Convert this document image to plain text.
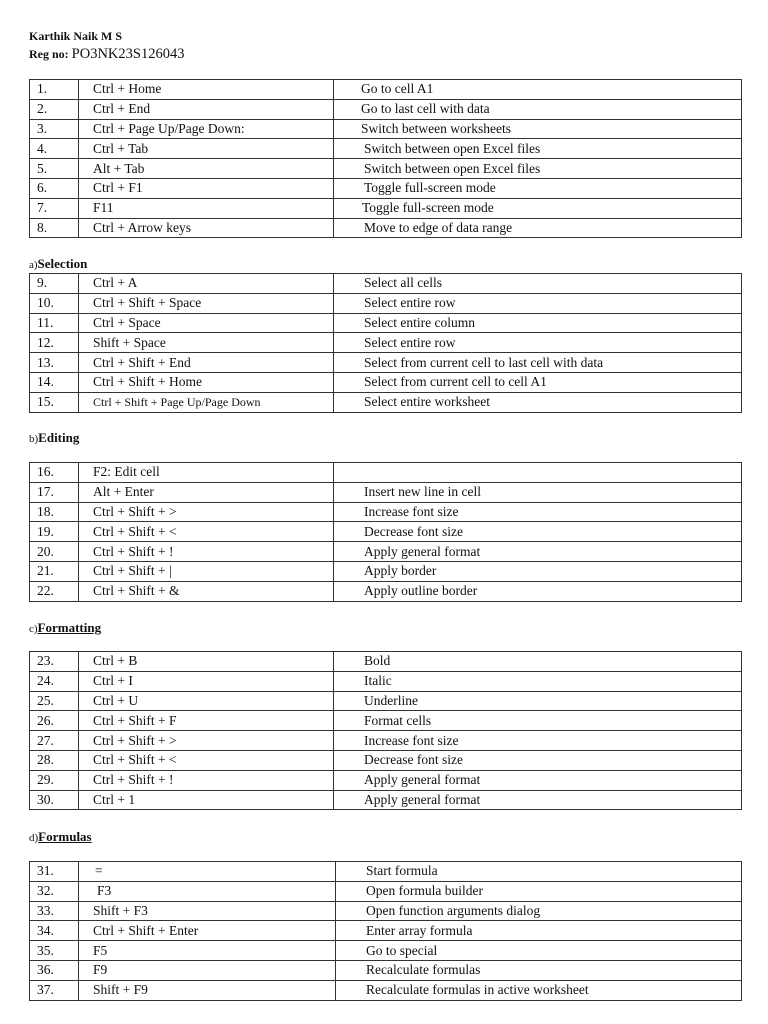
Karthik Naik M S
Reg no: PO3NK23S126043
1.	Ctrl + Home	Go to cell A1
2.	Ctrl + End	Go to last cell with data
3.	Ctrl + Page Up/Page Down:	Switch between worksheets
4.	Ctrl + Tab	Switch between open Excel files
5.	Alt + Tab	Switch between open Excel files
6.	Ctrl + F1	Toggle full-screen mode
7.	F11	Toggle full-screen mode
8.	Ctrl + Arrow keys	Move to edge of data range
a)Selection
9.	Ctrl + A	Select all cells
10.	Ctrl + Shift + Space	Select entire row
11.	Ctrl + Space	Select entire column
12.	Shift + Space	Select entire row
13.	Ctrl + Shift + End	Select from current cell to last cell with data
14.	Ctrl + Shift + Home	Select from current cell to cell A1
15.	Ctrl + Shift + Page Up/Page Down	Select entire worksheet
b)Editing
16.	F2: Edit cell	
17.	Alt + Enter	Insert new line in cell
18.	Ctrl + Shift + >	Increase font size
19.	Ctrl + Shift + <	Decrease font size
20.	Ctrl + Shift + !	Apply general format
21.	Ctrl + Shift + |	Apply border
22.	Ctrl + Shift + &	Apply outline border
c)Formatting
23.	Ctrl + B	Bold
24.	Ctrl + I	Italic
25.	Ctrl + U	Underline
26.	Ctrl + Shift + F	Format cells
27.	Ctrl + Shift + >	Increase font size
28.	Ctrl + Shift + <	Decrease font size
29.	Ctrl + Shift + !	Apply general format
30.	Ctrl + 1	Apply general format
d)Formulas
31.	=	Start formula
32.	F3	Open formula builder
33.	Shift + F3	Open function arguments dialog
34.	Ctrl + Shift + Enter	Enter array formula
35.	F5	Go to special
36.	F9	Recalculate formulas
37.	Shift + F9	Recalculate formulas in active worksheet
